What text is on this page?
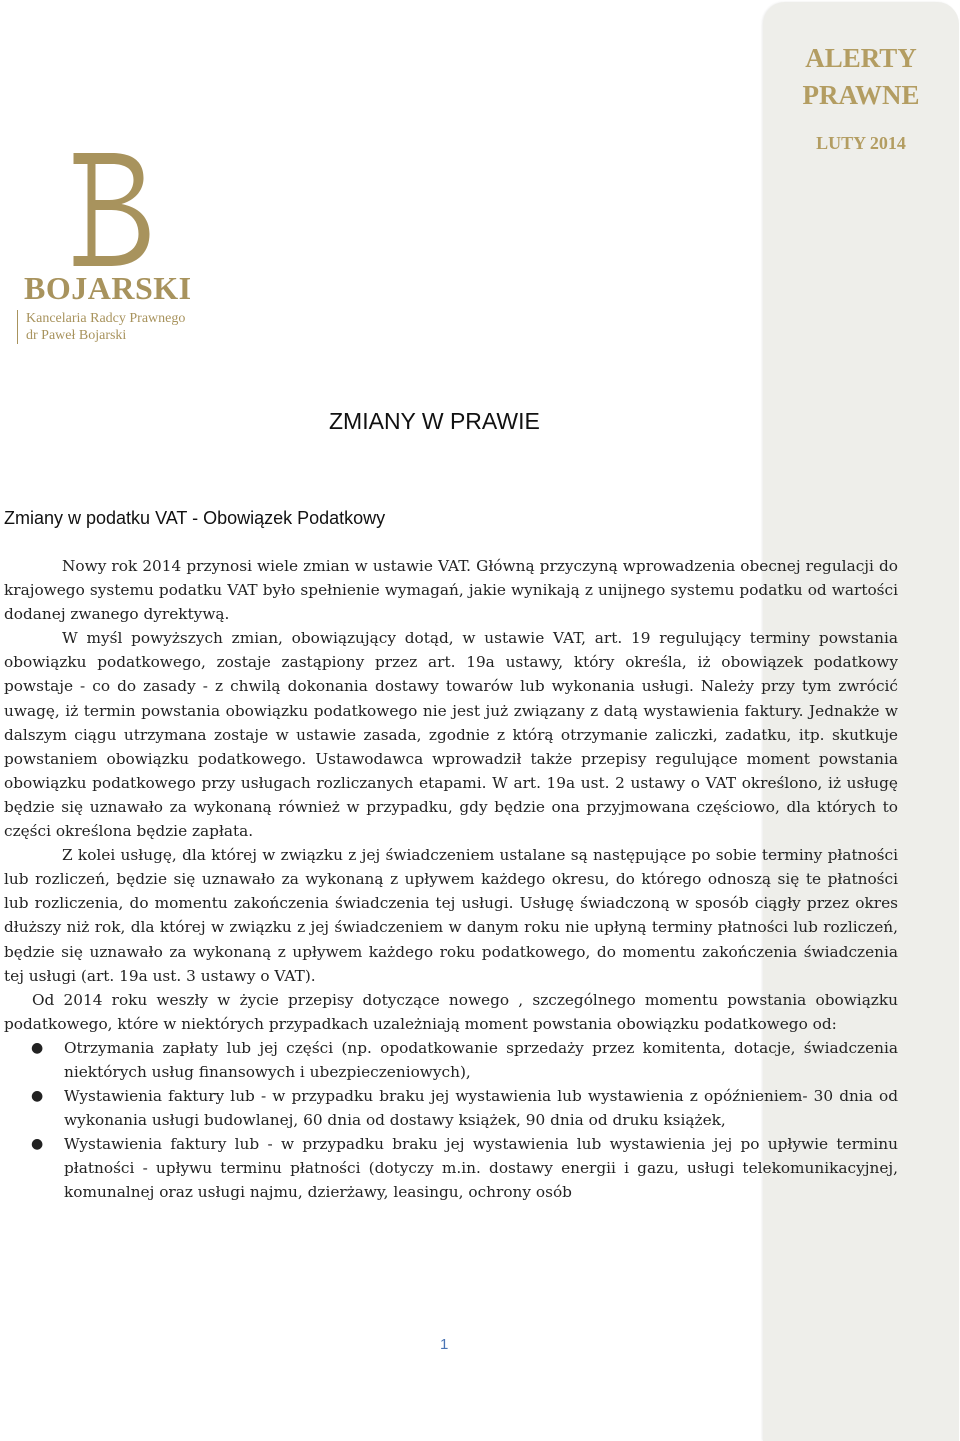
ALERTY
PRAWNE
LUTY 2014
BOJARSKI
Kancelaria Radcy Prawnego
dr Paweł Bojarski
ZMIANY W PRAWIE
Zmiany w podatku VAT - Obowiązek Podatkowy

Nowy rok 2014 przynosi wiele zmian w ustawie VAT. Główną przyczyną wprowadzenia obecnej regulacji do krajowego systemu podatku VAT było spełnienie wymagań, jakie wynikają z unijnego systemu podatku od wartości dodanej zwanego dyrektywą.

W myśl powyższych zmian, obowiązujący dotąd, w ustawie VAT, art. 19 regulujący terminy powstania obowiązku podatkowego, zostaje zastąpiony przez art. 19a ustawy, który określa, iż obowiązek podatkowy powstaje - co do zasady - z chwilą dokonania dostawy towarów lub wykonania usługi. Należy przy tym zwrócić uwagę, iż termin powstania obowiązku podatkowego nie jest już związany z datą wystawienia faktury. Jednakże w dalszym ciągu utrzymana zostaje w ustawie zasada, zgodnie z którą otrzymanie zaliczki, zadatku, itp. skutkuje powstaniem obowiązku podatkowego. Ustawodawca wprowadził także przepisy regulujące moment powstania obowiązku podatkowego przy usługach rozliczanych etapami. W art. 19a ust. 2 ustawy o VAT określono, iż usługę będzie się uznawało za wykonaną również w przypadku, gdy będzie ona przyjmowana częściowo, dla których to części określona będzie zapłata.

Z kolei usługę, dla której w związku z jej świadczeniem ustalane są następujące po sobie terminy płatności lub rozliczeń, będzie się uznawało za wykonaną z upływem każdego okresu, do którego odnoszą się te płatności lub rozliczenia, do momentu zakończenia świadczenia tej usługi. Usługę świadczoną w sposób ciągły przez okres dłuższy niż rok, dla której w związku z jej świadczeniem w danym roku nie upłyną terminy płatności lub rozliczeń, będzie się uznawało za wykonaną z upływem każdego roku podatkowego, do momentu zakończenia świadczenia tej usługi (art. 19a ust. 3 ustawy o VAT).

Od 2014 roku weszły w życie przepisy dotyczące nowego , szczególnego momentu powstania obowiązku podatkowego, które w niektórych przypadkach uzależniają moment powstania obowiązku podatkowego od:

● Otrzymania zapłaty lub jej części (np. opodatkowanie sprzedaży przez komitenta, dotacje, świadczenia niektórych usług finansowych i ubezpieczeniowych),
● Wystawienia faktury lub - w przypadku braku jej wystawienia lub wystawienia z opóźnieniem- 30 dnia od wykonania usługi budowlanej, 60 dnia od dostawy książek, 90 dnia od druku książek,
● Wystawienia faktury lub - w przypadku braku jej wystawienia lub wystawienia jej po upływie terminu płatności - upływu terminu płatności (dotyczy m.in. dostawy energii i gazu, usługi telekomunikacyjnej, komunalnej oraz usługi najmu, dzierżawy, leasingu, ochrony osób
1
